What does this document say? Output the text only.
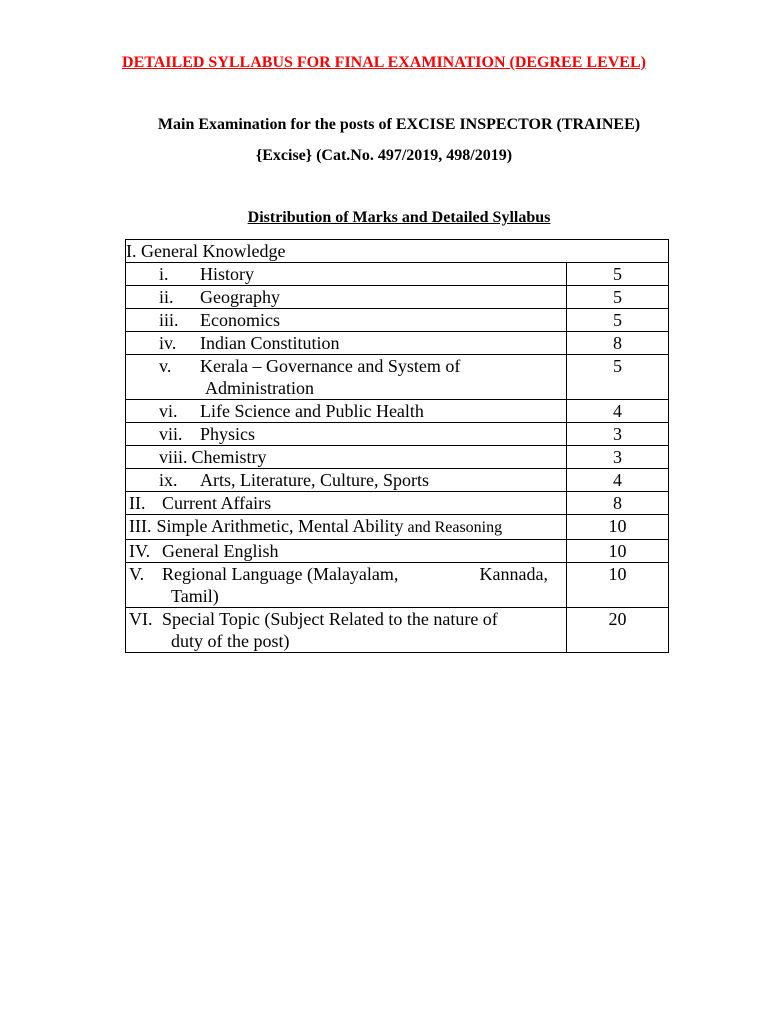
DETAILED SYLLABUS FOR FINAL EXAMINATION (DEGREE LEVEL)
Main Examination for the posts of EXCISE INSPECTOR (TRAINEE)
{Excise} (Cat.No. 497/2019, 498/2019)
Distribution of Marks and Detailed Syllabus
I. General Knowledge	
i. History	5
ii. Geography	5
iii. Economics	5
iv. Indian Constitution	8
v. Kerala – Governance and System of
Administration	5
vi. Life Science and Public Health	4
vii. Physics	3
viii. Chemistry	3
ix. Arts, Literature, Culture, Sports	4
II. Current Affairs	8
III. Simple Arithmetic, Mental Ability and Reasoning	10
IV. General English	10

V. Regional Language (Malayalam, Kannada,
Tamil)	10
VI. Special Topic (Subject Related to the nature of
duty of the post)	20
